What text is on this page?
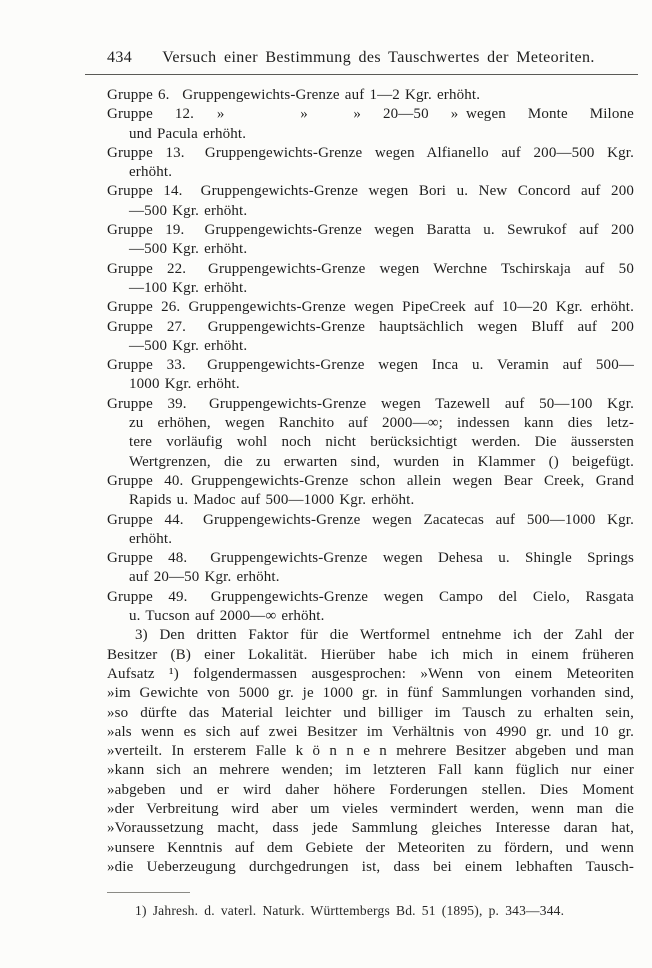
434 Versuch einer Bestimmung des Tauschwertes der Meteoriten.
Gruppe 6.  Gruppengewichts-Grenze auf 1—2 Kgr. erhöht.
Gruppe 12.  »     »   » 20—50 » wegen Monte Milone
und Pacula erhöht.
Gruppe 13.  Gruppengewichts-Grenze wegen Alfianello auf 200—500 Kgr.
erhöht.
Gruppe 14.  Gruppengewichts-Grenze wegen Bori u. New Concord auf 200
—500 Kgr. erhöht.
Gruppe 19.  Gruppengewichts-Grenze wegen Baratta u. Sewrukof auf 200
—500 Kgr. erhöht.
Gruppe 22.  Gruppengewichts-Grenze wegen Werchne Tschirskaja auf 50
—100 Kgr. erhöht.
Gruppe 26. Gruppengewichts-Grenze wegen PipeCreek auf 10—20 Kgr. erhöht.
Gruppe 27.  Gruppengewichts-Grenze hauptsächlich wegen Bluff auf 200
—500 Kgr. erhöht.
Gruppe 33.  Gruppengewichts-Grenze wegen Inca u. Veramin auf 500—
1000 Kgr. erhöht.
Gruppe 39.  Gruppengewichts-Grenze wegen Tazewell auf 50—100 Kgr.
zu erhöhen, wegen Ranchito auf 2000—∞; indessen kann dies letz-
tere vorläufig wohl noch nicht berücksichtigt werden. Die äussersten
Wertgrenzen, die zu erwarten sind, wurden in Klammer () beigefügt.
Gruppe 40. Gruppengewichts-Grenze schon allein wegen Bear Creek, Grand
Rapids u. Madoc auf 500—1000 Kgr. erhöht.
Gruppe 44.  Gruppengewichts-Grenze wegen Zacatecas auf 500—1000 Kgr.
erhöht.
Gruppe 48.  Gruppengewichts-Grenze wegen Dehesa u. Shingle Springs
auf 20—50 Kgr. erhöht.
Gruppe 49.  Gruppengewichts-Grenze wegen Campo del Cielo, Rasgata
u. Tucson auf 2000—∞ erhöht.
3) Den dritten Faktor für die Wertformel entnehme ich der Zahl der
Besitzer (B) einer Lokalität. Hierüber habe ich mich in einem früheren
Aufsatz ¹) folgendermassen ausgesprochen: »Wenn von einem Meteoriten
»im Gewichte von 5000 gr. je 1000 gr. in fünf Sammlungen vorhanden sind,
»so dürfte das Material leichter und billiger im Tausch zu erhalten sein,
»als wenn es sich auf zwei Besitzer im Verhältnis von 4990 gr. und 10 gr.
»verteilt. In ersterem Falle k ö n n e n mehrere Besitzer abgeben und man
»kann sich an mehrere wenden; im letzteren Fall kann füglich nur einer
»abgeben und er wird daher höhere Forderungen stellen. Dies Moment
»der Verbreitung wird aber um vieles vermindert werden, wenn man die
»Voraussetzung macht, dass jede Sammlung gleiches Interesse daran hat,
»unsere Kenntnis auf dem Gebiete der Meteoriten zu fördern, und wenn
»die Ueberzeugung durchgedrungen ist, dass bei einem lebhaften Tausch-
1) Jahresh. d. vaterl. Naturk. Württembergs Bd. 51 (1895), p. 343—344.
